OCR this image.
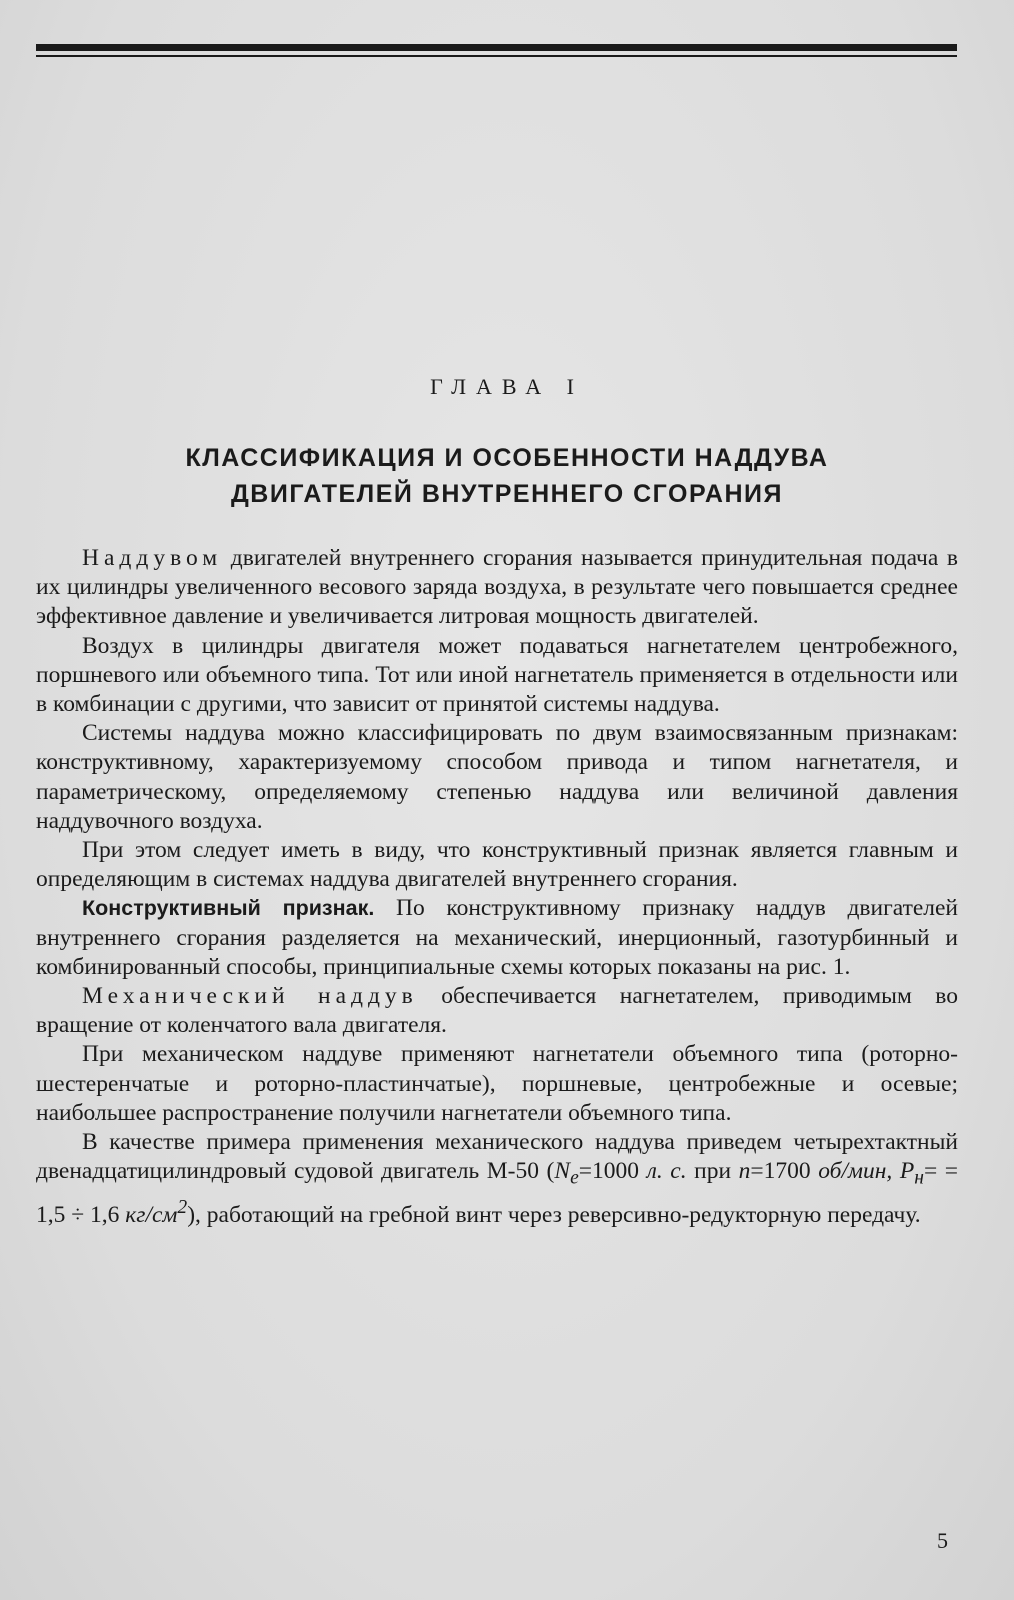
ГЛАВА I
КЛАССИФИКАЦИЯ И ОСОБЕННОСТИ НАДДУВА
ДВИГАТЕЛЕЙ ВНУТРЕННЕГО СГОРАНИЯ

Наддувом двигателей внутреннего сгорания называется принудительная подача в их цилиндры увеличенного весового заряда воздуха, в результате чего повышается среднее эффективное давление и увеличивается литровая мощность двигателей.

Воздух в цилиндры двигателя может подаваться нагнетателем центробежного, поршневого или объемного типа. Тот или иной нагнетатель применяется в отдельности или в комбинации с другими, что зависит от принятой системы наддува.

Системы наддува можно классифицировать по двум взаимосвязанным признакам: конструктивному, характеризуемому способом привода и типом нагнетателя, и параметрическому, определяемому степенью наддува или величиной давления наддувочного воздуха.

При этом следует иметь в виду, что конструктивный признак является главным и определяющим в системах наддува двигателей внутреннего сгорания.

Конструктивный признак. По конструктивному признаку наддув двигателей внутреннего сгорания разделяется на механический, инерционный, газотурбинный и комбинированный способы, принципиальные схемы которых показаны на рис. 1.

Механический наддув обеспечивается нагнетателем, приводимым во вращение от коленчатого вала двигателя.

При механическом наддуве применяют нагнетатели объемного типа (роторно-шестеренчатые и роторно-пластинчатые), поршневые, центробежные и осевые; наибольшее распространение получили нагнетатели объемного типа.

В качестве примера применения механического наддува приведем четырехтактный двенадцатицилиндровый судовой двигатель М-50 ($N_e=1000$ л. с. при n=1700 об/мин, $P_н= = 1,5 \div 1,6$ $кг/см^2$), работающий на гребной винт через реверсивно-редукторную передачу.

5
